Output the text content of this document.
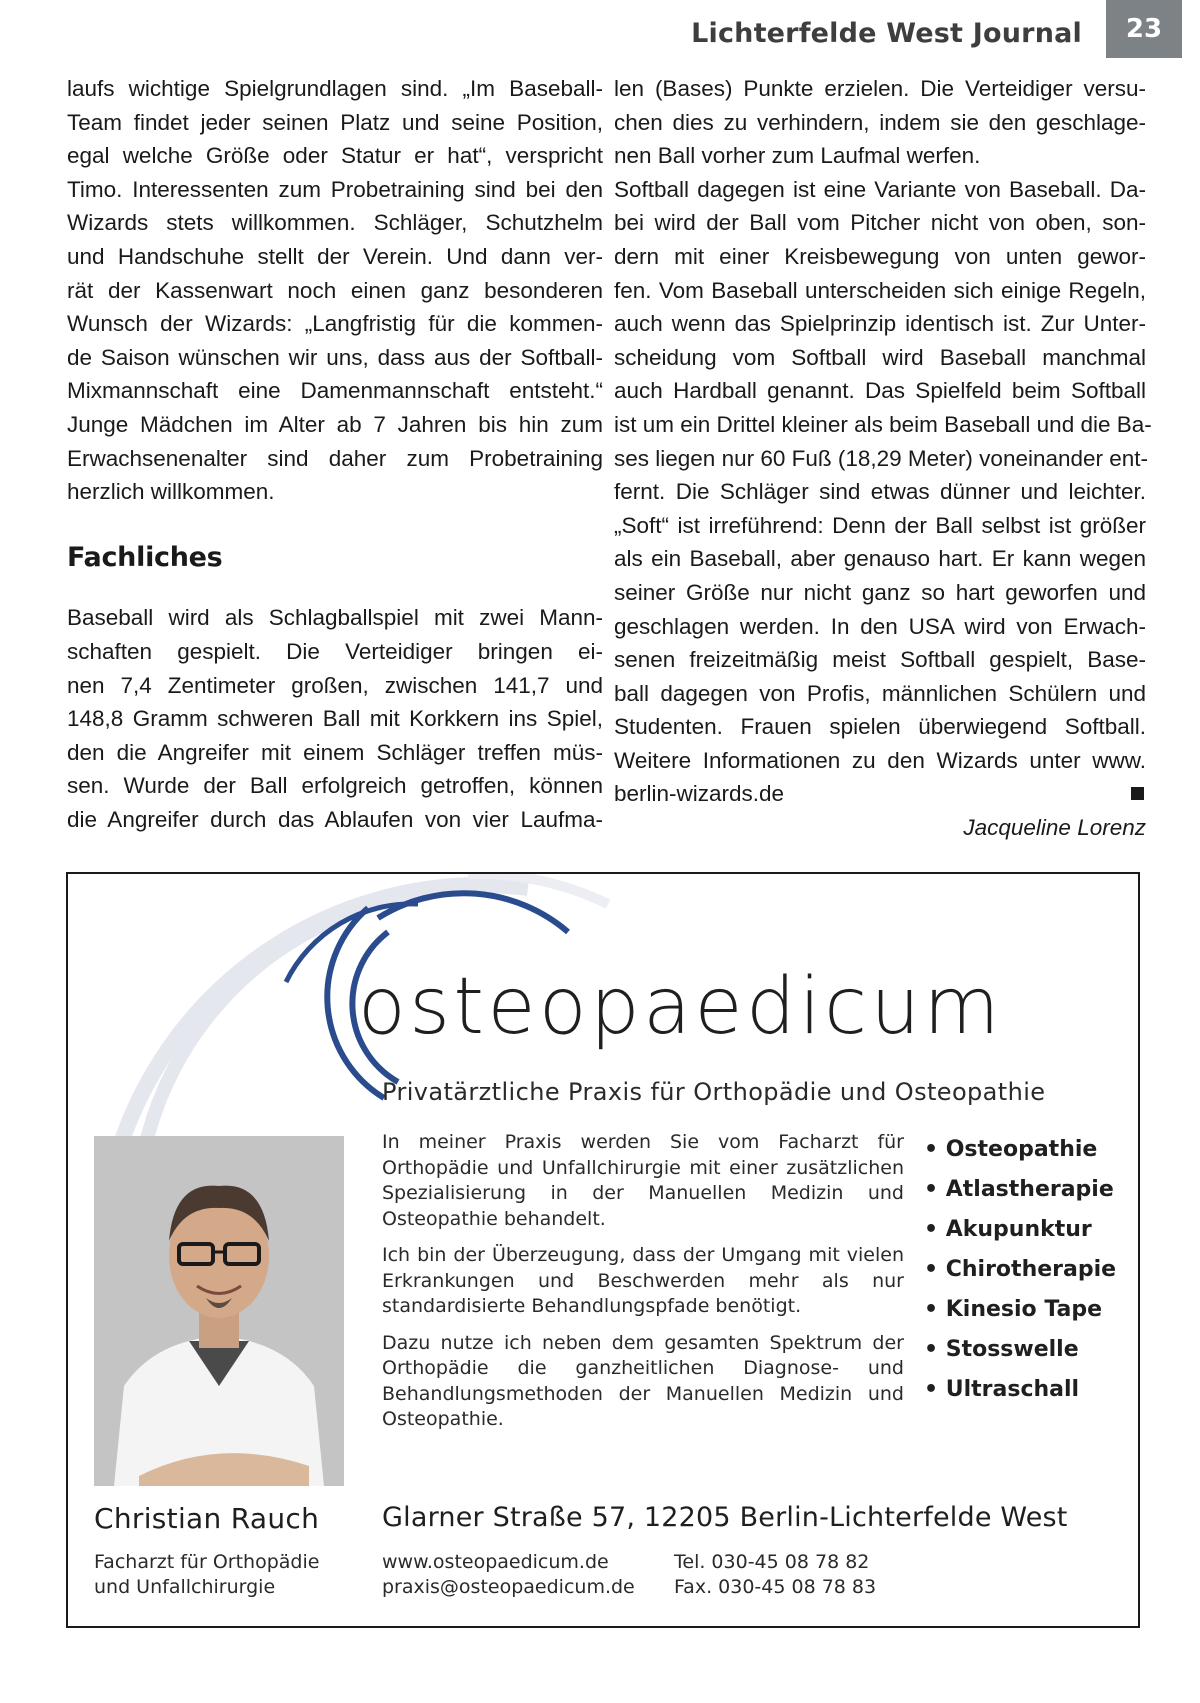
Lichterfelde West Journal	23

laufs wichtige Spielgrundlagen sind. „Im Baseball-
Team findet jeder seinen Platz und seine Position,
egal welche Größe oder Statur er hat“, verspricht
Timo. Interessenten zum Probetraining sind bei den
Wizards stets willkommen. Schläger, Schutzhelm
und Handschuhe stellt der Verein. Und dann ver-
rät der Kassenwart noch einen ganz besonderen
Wunsch der Wizards: „Langfristig für die kommen-
de Saison wünschen wir uns, dass aus der Softball-
Mixmannschaft eine Damenmannschaft entsteht.“
Junge Mädchen im Alter ab 7 Jahren bis hin zum
Erwachsenenalter sind daher zum Probetraining
herzlich willkommen.

Fachliches

Baseball wird als Schlagballspiel mit zwei Mann-
schaften gespielt. Die Verteidiger bringen ei-
nen 7,4 Zentimeter großen, zwischen 141,7 und
148,8 Gramm schweren Ball mit Korkkern ins Spiel,
den die Angreifer mit einem Schläger treffen müs-
sen. Wurde der Ball erfolgreich getroffen, können
die Angreifer durch das Ablaufen von vier Laufma-

len (Bases) Punkte erzielen. Die Verteidiger versu-
chen dies zu verhindern, indem sie den geschlage-
nen Ball vorher zum Laufmal werfen.
Softball dagegen ist eine Variante von Baseball. Da-
bei wird der Ball vom Pitcher nicht von oben, son-
dern mit einer Kreisbewegung von unten gewor-
fen. Vom Baseball unterscheiden sich einige Regeln,
auch wenn das Spielprinzip identisch ist. Zur Unter-
scheidung vom Softball wird Baseball manchmal
auch Hardball genannt. Das Spielfeld beim Softball
ist um ein Drittel kleiner als beim Baseball und die Ba-
ses liegen nur 60 Fuß (18,29 Meter) voneinander ent-
fernt. Die Schläger sind etwas dünner und leichter.
„Soft“ ist irreführend: Denn der Ball selbst ist größer
als ein Baseball, aber genauso hart. Er kann wegen
seiner Größe nur nicht ganz so hart geworfen und
geschlagen werden. In den USA wird von Erwach-
senen freizeitmäßig meist Softball gespielt, Base-
ball dagegen von Profis, männlichen Schülern und
Studenten. Frauen spielen überwiegend Softball.
Weitere Informationen zu den Wizards unter www.
berlin-wizards.de

Jacqueline Lorenz
osteopaedicum
Privatärztliche Praxis für Orthopädie und Osteopathie

In meiner Praxis werden Sie vom Facharzt für Orthopädie und Unfallchirurgie mit einer zusätzlichen Spezialisierung in der Manuellen Medizin und Osteopathie behandelt.

Ich bin der Überzeugung, dass der Umgang mit vielen Erkrankungen und Beschwerden mehr als nur standardisierte Behandlungspfade benötigt.

Dazu nutze ich neben dem gesamten Spektrum der Orthopädie die ganzheitlichen Diagnose- und Behandlungsmethoden der Manuellen Medizin und Osteopathie.

• Osteopathie
• Atlastherapie
• Akupunktur
• Chirotherapie
• Kinesio Tape
• Stosswelle
• Ultraschall
Christian Rauch
Facharzt für Orthopädie
und Unfallchirurgie
Glarner Straße 57, 12205 Berlin-Lichterfelde West
www.osteopaedicum.de	Tel. 030-45 08 78 82
praxis@osteopaedicum.de	Fax. 030-45 08 78 83
